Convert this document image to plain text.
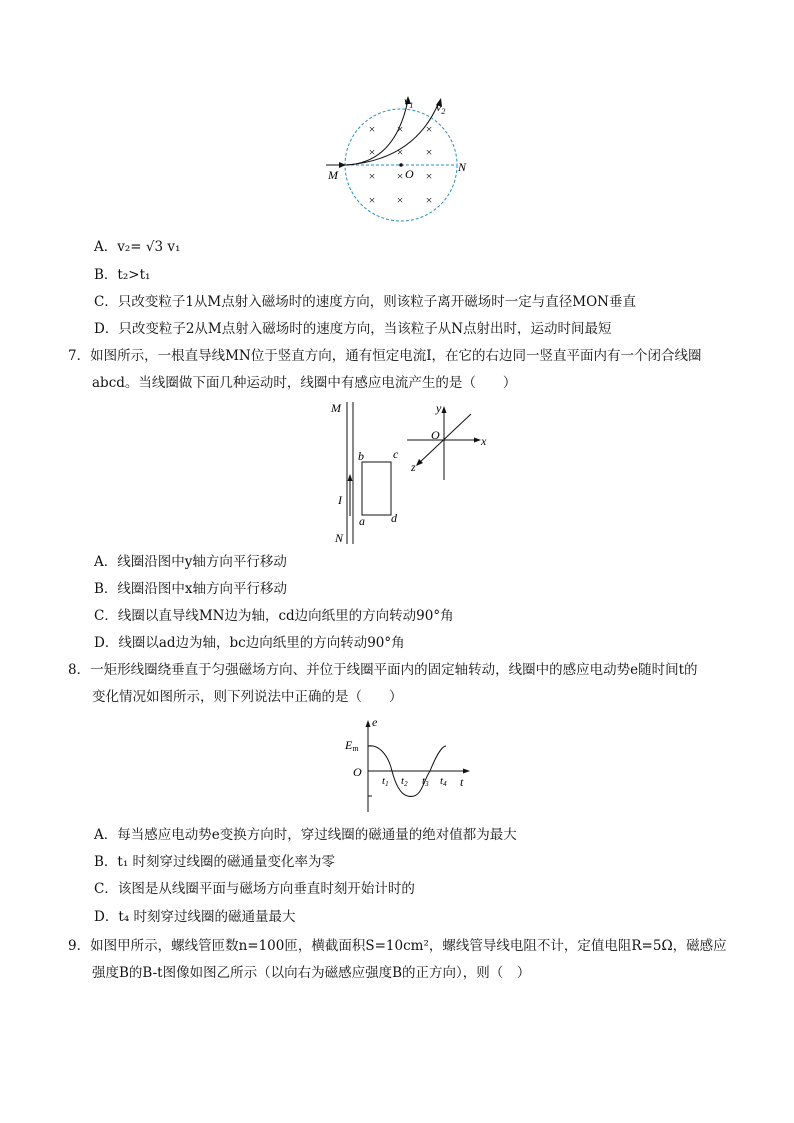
× × ×
× × ×
× × ×
× × ×
$v_1$ $v_2$
M	O	N
A．v₂= √3 v₁
B．t₂>t₁
C．只改变粒子1从M点射入磁场时的速度方向，则该粒子离开磁场时一定与直径MON垂直
D．只改变粒子2从M点射入磁场时的速度方向，当该粒子从N点射出时，运动时间最短
7．如图所示，一根直导线MN位于竖直方向，通有恒定电流I，在它的右边同一竖直平面内有一个闭合线圈
abcd。当线圈做下面几种运动时，线圈中有感应电流产生的是（　　）
M
N
I
b c
a d
O	x
y
z
A．线圈沿图中y轴方向平行移动
B．线圈沿图中x轴方向平行移动
C．线圈以直导线MN边为轴，cd边向纸里的方向转动90°角
D．线圈以ad边为轴，bc边向纸里的方向转动90°角
8．一矩形线圈绕垂直于匀强磁场方向、并位于线圈平面内的固定轴转动，线圈中的感应电动势e随时间t的
变化情况如图所示，则下列说法中正确的是（　　）
e
Em
O
t1 t2 t3 t4 t
A．每当感应电动势e变换方向时，穿过线圈的磁通量的绝对值都为最大
B．t₁ 时刻穿过线圈的磁通量变化率为零
C．该图是从线圈平面与磁场方向垂直时刻开始计时的
D．t₄ 时刻穿过线圈的磁通量最大
9．如图甲所示，螺线管匝数n=100匝，横截面积S=10cm²，螺线管导线电阻不计，定值电阻R=5Ω，磁感应
强度B的B-t图像如图乙所示（以向右为磁感应强度B的正方向），则（　）
